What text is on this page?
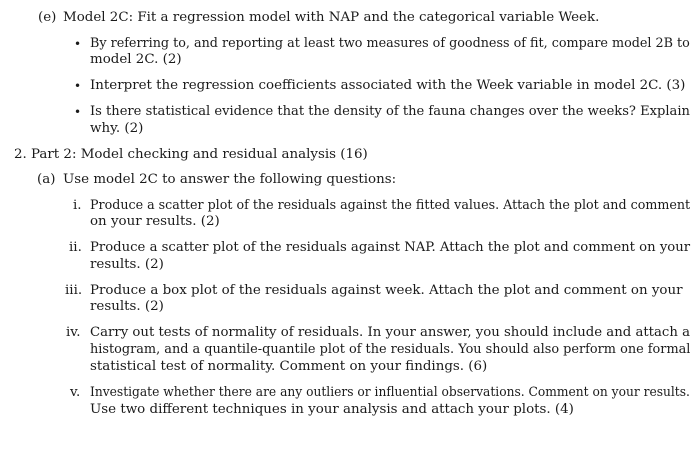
(e) Model 2C: Fit a regression model with NAP and the categorical variable Week.
• By referring to, and reporting at least two measures of goodness of fit, compare model 2B to
model 2C. (2)
• Interpret the regression coefficients associated with the Week variable in model 2C. (3)
• Is there statistical evidence that the density of the fauna changes over the weeks? Explain
why. (2)
2. Part 2: Model checking and residual analysis (16)
(a) Use model 2C to answer the following questions:
i. Produce a scatter plot of the residuals against the fitted values. Attach the plot and comment
on your results. (2)
ii. Produce a scatter plot of the residuals against NAP. Attach the plot and comment on your
results. (2)
iii. Produce a box plot of the residuals against week. Attach the plot and comment on your
results. (2)
iv. Carry out tests of normality of residuals. In your answer, you should include and attach a
histogram, and a quantile-quantile plot of the residuals. You should also perform one formal
statistical test of normality. Comment on your findings. (6)
v. Investigate whether there are any outliers or influential observations. Comment on your results.
Use two different techniques in your analysis and attach your plots. (4)
